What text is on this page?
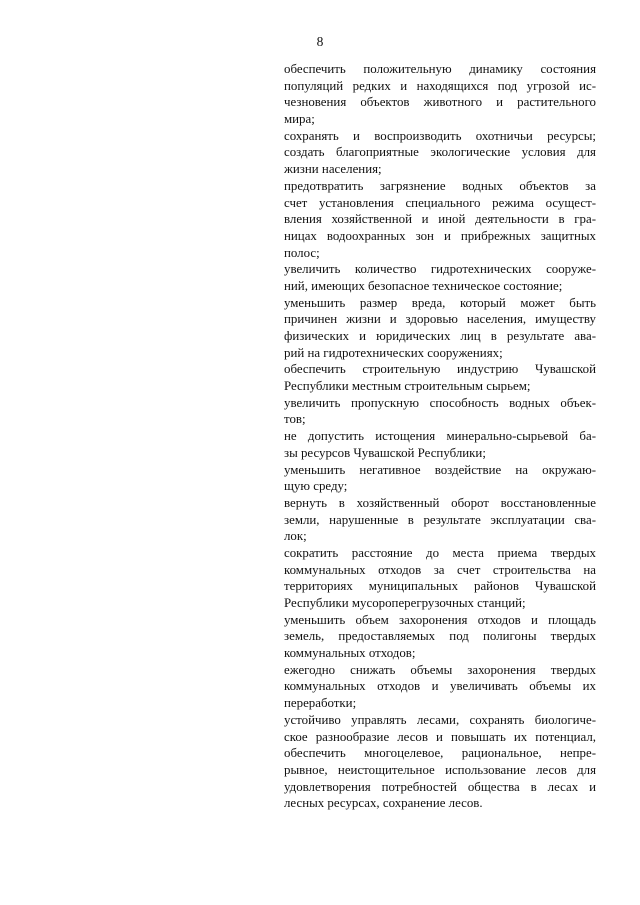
8
обеспечить положительную динамику состояния
популяций редких и находящихся под угрозой ис-
чезновения объектов животного и растительного
мира;
сохранять и воспроизводить охотничьи ресурсы;
создать благоприятные экологические условия для
жизни населения;
предотвратить загрязнение водных объектов за
счет установления специального режима осущест-
вления хозяйственной и иной деятельности в гра-
ницах водоохранных зон и прибрежных защитных
полос;
увеличить количество гидротехнических сооруже-
ний, имеющих безопасное техническое состояние;
уменьшить размер вреда, который может быть
причинен жизни и здоровью населения, имуществу
физических и юридических лиц в результате ава-
рий на гидротехнических сооружениях;
обеспечить строительную индустрию Чувашской
Республики местным строительным сырьем;
увеличить пропускную способность водных объек-
тов;
не допустить истощения минерально-сырьевой ба-
зы ресурсов Чувашской Республики;
уменьшить негативное воздействие на окружаю-
щую среду;
вернуть в хозяйственный оборот восстановленные
земли, нарушенные в результате эксплуатации сва-
лок;
сократить расстояние до места приема твердых
коммунальных отходов за счет строительства на
территориях муниципальных районов Чувашской
Республики мусороперегрузочных станций;
уменьшить объем захоронения отходов и площадь
земель, предоставляемых под полигоны твердых
коммунальных отходов;
ежегодно снижать объемы захоронения твердых
коммунальных отходов и увеличивать объемы их
переработки;
устойчиво управлять лесами, сохранять биологиче-
ское разнообразие лесов и повышать их потенциал,
обеспечить многоцелевое, рациональное, непре-
рывное, неистощительное использование лесов для
удовлетворения потребностей общества в лесах и
лесных ресурсах, сохранение лесов.
